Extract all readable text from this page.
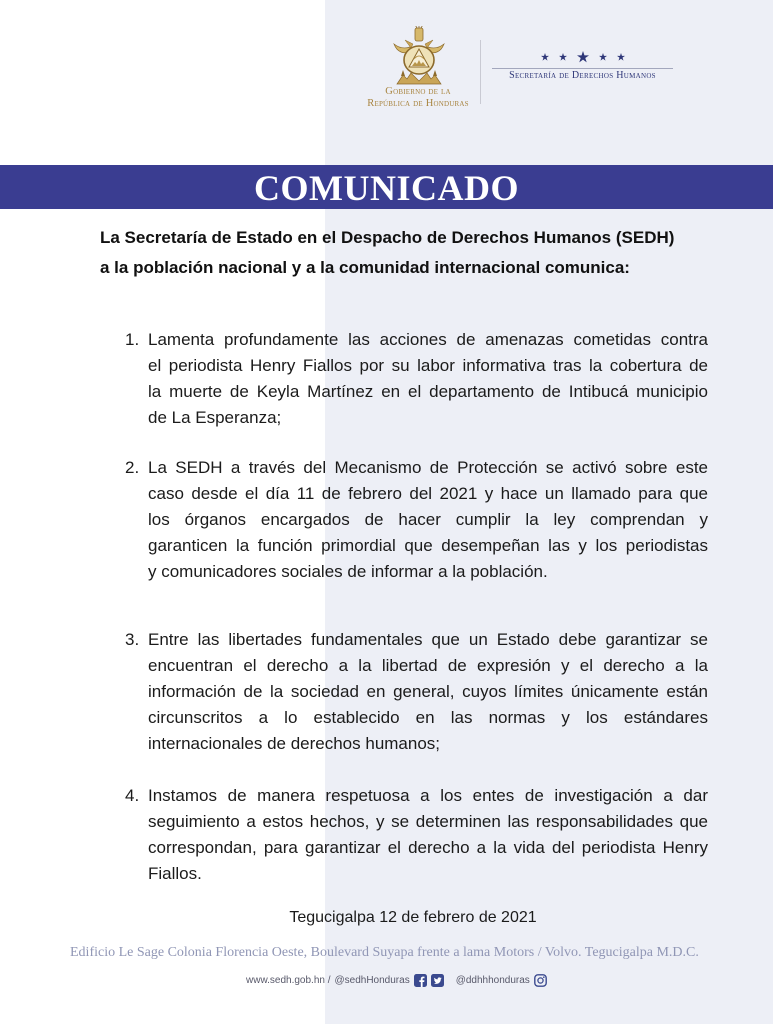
Gobierno de la
República de Honduras
Secretaría de Derechos Humanos
COMUNICADO
La Secretaría de Estado en el Despacho de Derechos Humanos (SEDH)
a la población nacional y a la comunidad internacional comunica:
1. Lamenta profundamente las acciones de amenazas cometidas contra
el periodista Henry Fiallos por su labor informativa tras la cobertura de
la muerte de Keyla Martínez en el departamento de Intibucá municipio
de La Esperanza;
2. La SEDH a través del Mecanismo de Protección se activó sobre este
caso desde el día 11 de febrero del 2021 y hace un llamado para que
los órganos encargados de hacer cumplir la ley comprendan y
garanticen la función primordial que desempeñan las y los periodistas
y comunicadores sociales de informar a la población.
3. Entre las libertades fundamentales que un Estado debe garantizar se
encuentran el derecho a la libertad de expresión y el derecho a la
información de la sociedad en general, cuyos límites únicamente están
circunscritos a lo establecido en las normas y los estándares
internacionales de derechos humanos;
4. Instamos de manera respetuosa a los entes de investigación a dar
seguimiento a estos hechos, y se determinen las responsabilidades que
correspondan, para garantizar el derecho a la vida del periodista Henry
Fiallos.
Tegucigalpa 12 de febrero de 2021
Edificio Le Sage Colonia Florencia Oeste, Boulevard Suyapa frente a lama Motors / Volvo. Tegucigalpa M.D.C.
www.sedh.gob.hn / @sedhHonduras	@ddhhhonduras
